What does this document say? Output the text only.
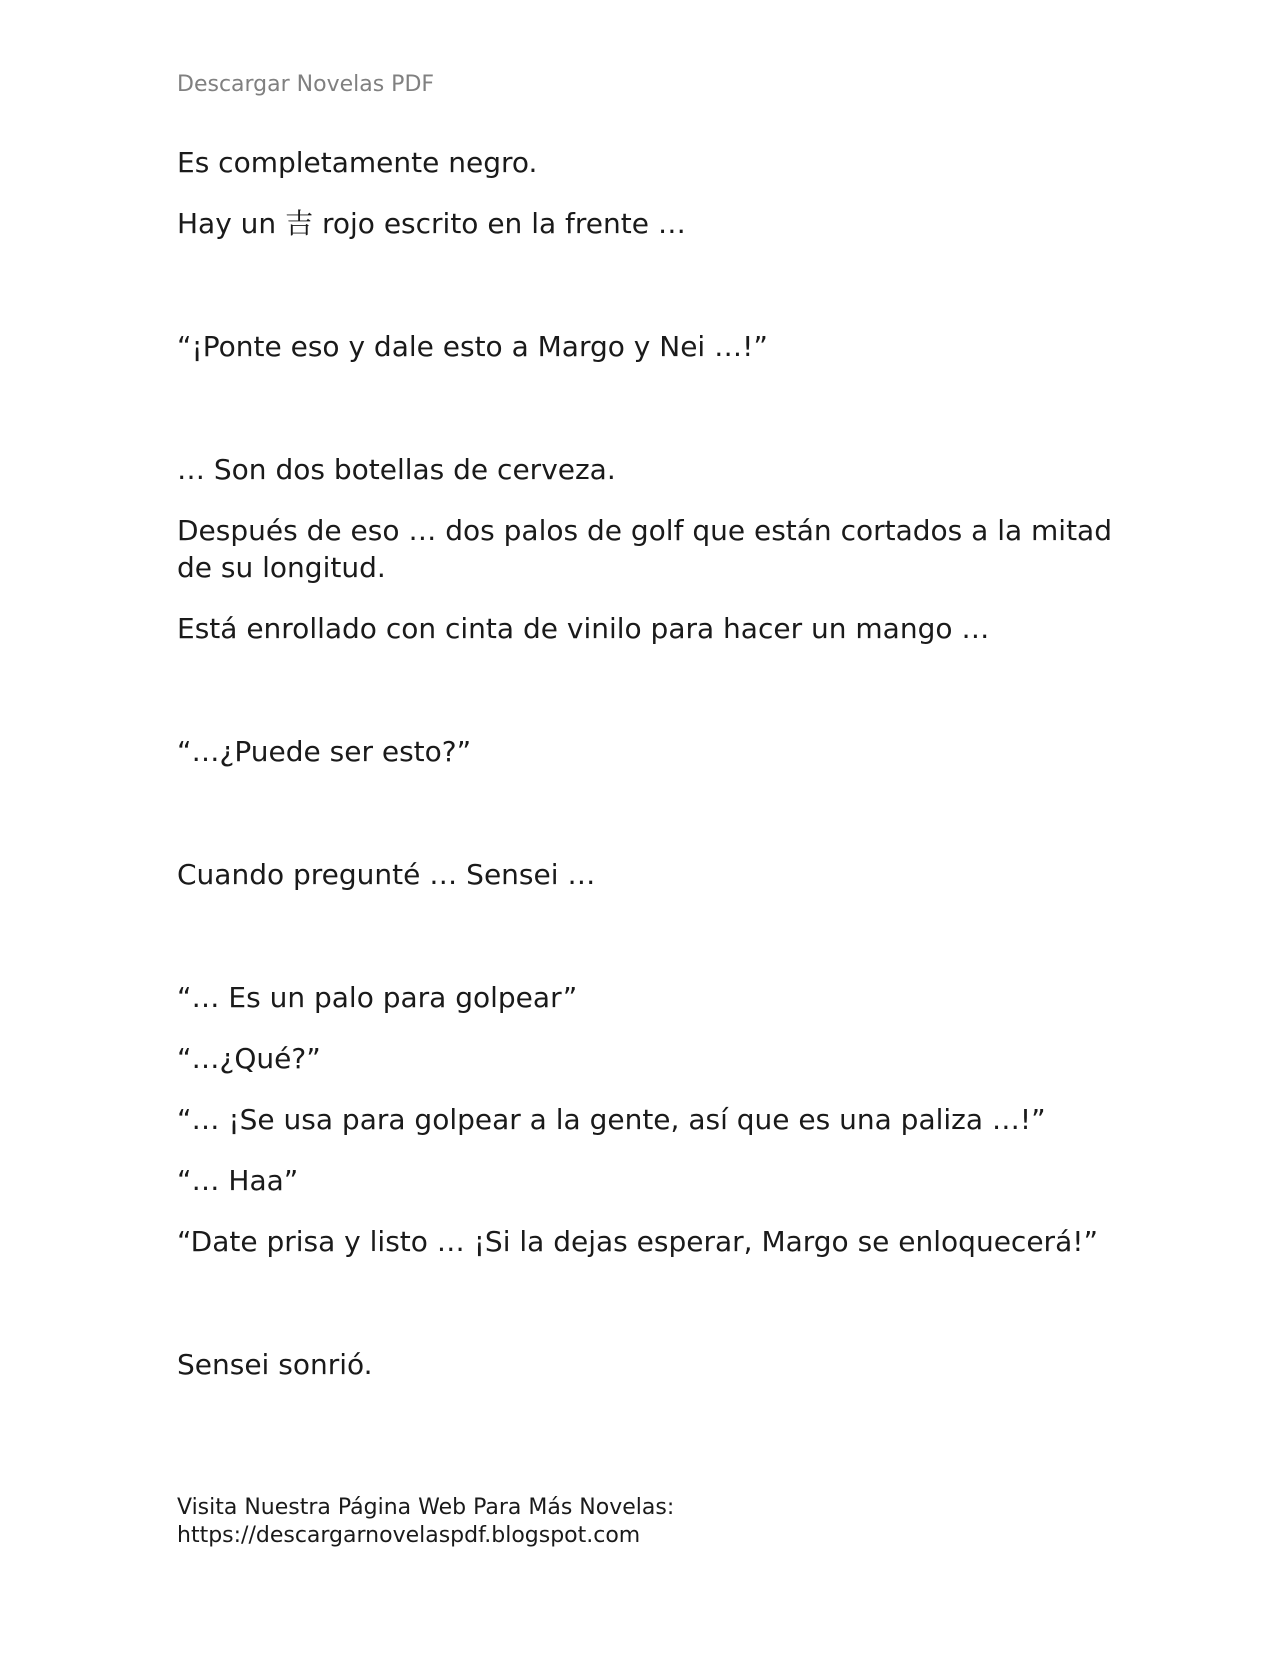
Descargar Novelas PDF

Es completamente negro.

Hay un 吉 rojo escrito en la frente …

“¡Ponte eso y dale esto a Margo y Nei …!”

… Son dos botellas de cerveza.

Después de eso … dos palos de golf que están cortados a la mitad de su longitud.

Está enrollado con cinta de vinilo para hacer un mango …

“…¿Puede ser esto?”

Cuando pregunté … Sensei …

“… Es un palo para golpear”

“…¿Qué?”

“… ¡Se usa para golpear a la gente, así que es una paliza …!”

“… Haa”

“Date prisa y listo … ¡Si la dejas esperar, Margo se enloquecerá!”

Sensei sonrió.

Visita Nuestra Página Web Para Más Novelas:
https://descargarnovelaspdf.blogspot.com
